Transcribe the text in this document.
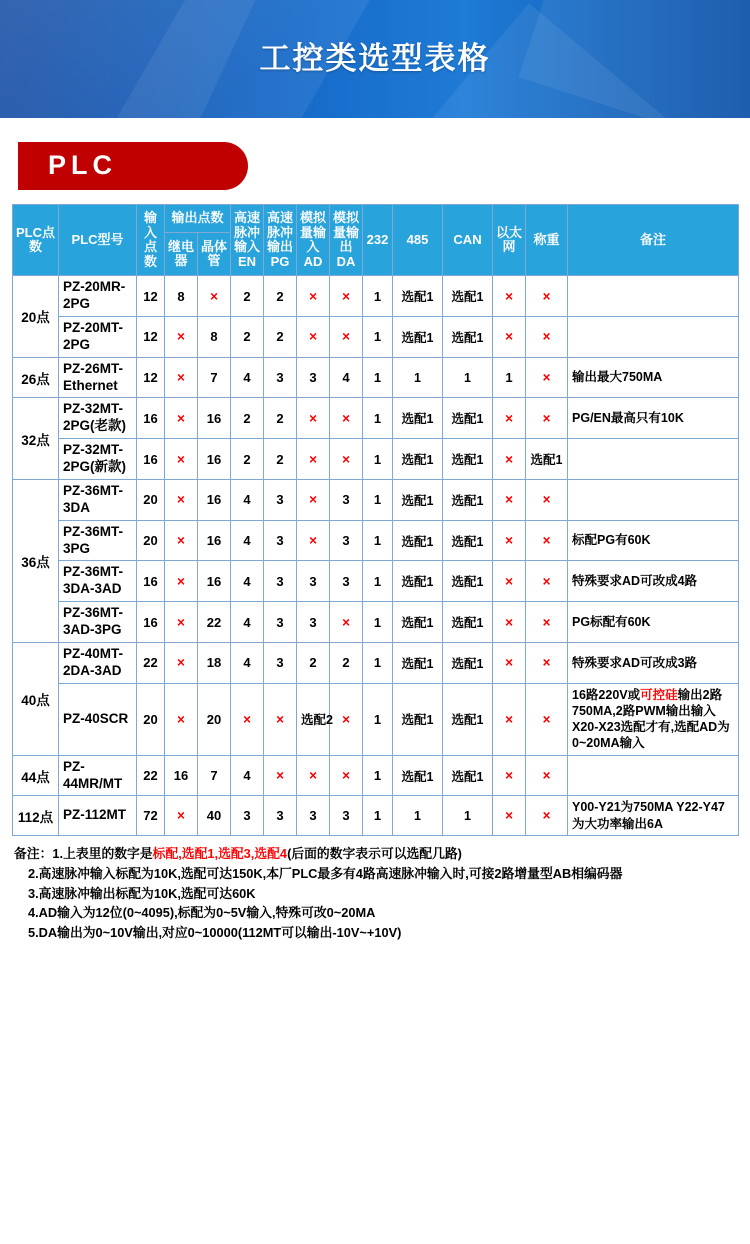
工控类选型表格
PLC
PLC点数	PLC型号	输入点数	输出点数		高速脉冲输入EN	高速脉冲输出PG	模拟量输入AD	模拟量输出DA	232	485	CAN	以太网	称重	备注
			继电器	晶体管										
20点	PZ-20MR-2PG	12	8	×	2	2	×	×	1	选配1	选配1	×	×	
	PZ-20MT-2PG	12	×	8	2	2	×	×	1	选配1	选配1	×	×	
26点	PZ-26MT-Ethernet	12	×	7	4	3	3	4	1	1	1	1	×	输出最大750MA
32点	PZ-32MT-2PG(老款)	16	×	16	2	2	×	×	1	选配1	选配1	×	×	PG/EN最高只有10K
	PZ-32MT-2PG(新款)	16	×	16	2	2	×	×	1	选配1	选配1	×	选配1	
36点	PZ-36MT-3DA	20	×	16	4	3	×	3	1	选配1	选配1	×	×	
	PZ-36MT-3PG	20	×	16	4	3	×	3	1	选配1	选配1	×	×	标配PG有60K
	PZ-36MT-3DA-3AD	16	×	16	4	3	3	3	1	选配1	选配1	×	×	特殊要求AD可改成4路
	PZ-36MT-3AD-3PG	16	×	22	4	3	3	×	1	选配1	选配1	×	×	PG标配有60K
40点	PZ-40MT-2DA-3AD	22	×	18	4	3	2	2	1	选配1	选配1	×	×	特殊要求AD可改成3路
	PZ-40SCR	20	×	20	×	×	选配2	×	1	选配1	选配1	×	×	16路220V或可控硅输出2路750MA,2路PWM输出输入X20-X23选配才有,选配AD为0~20MA输入
44点	PZ-44MR/MT	22	16	7	4	×	×	×	1	选配1	选配1	×	×	
112点	PZ-112MT	72	×	40	3	3	3	3	1	1	1	×	×	Y00-Y21为750MA Y22-Y47为大功率输出6A
备注：1.上表里的数字是标配,选配1,选配3,选配4(后面的数字表示可以选配几路)
2.高速脉冲输入标配为10K,选配可达150K,本厂PLC最多有4路高速脉冲输入时,可接2路增量型AB相编码器
3.高速脉冲输出标配为10K,选配可达60K
4.AD输入为12位(0~4095),标配为0~5V输入,特殊可改0~20MA
5.DA输出为0~10V输出,对应0~10000(112MT可以输出-10V~+10V)
